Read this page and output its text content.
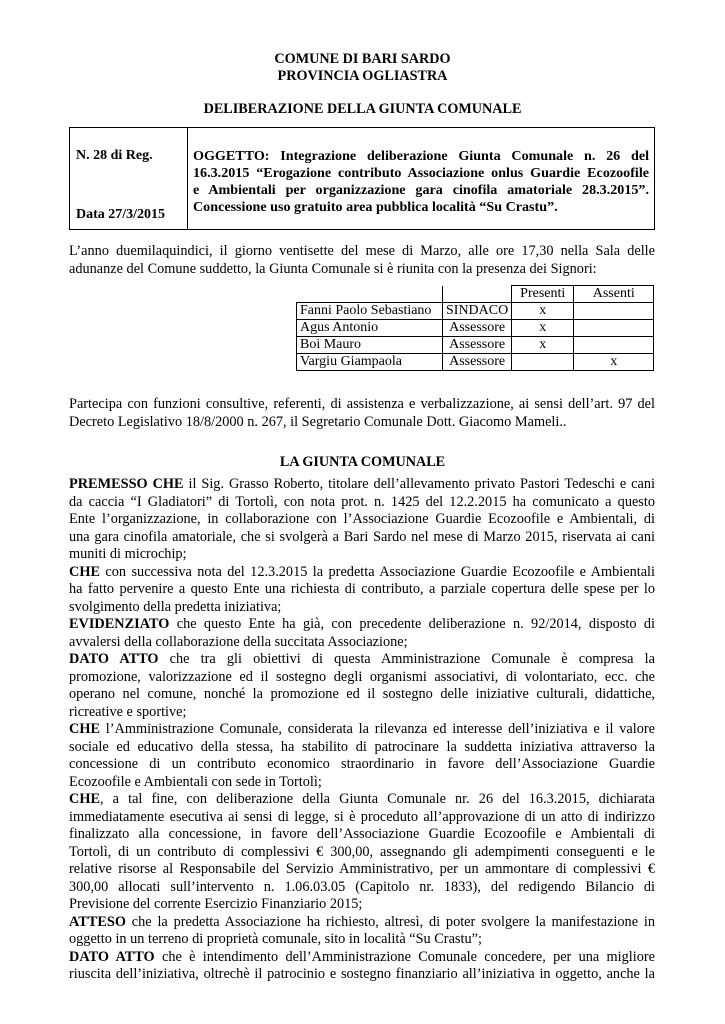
COMUNE DI BARI SARDO
PROVINCIA OGLIASTRA
DELIBERAZIONE DELLA GIUNTA COMUNALE
N. 28 di Reg.
Data 27/3/2015
OGGETTO: Integrazione deliberazione Giunta Comunale n. 26 del
16.3.2015 “Erogazione contributo Associazione onlus Guardie Ecozoofile
e Ambientali per organizzazione gara cinofila amatoriale 28.3.2015”.
Concessione uso gratuito area pubblica località “Su Crastu”.
L’anno duemilaquindici, il giorno ventisette del mese di Marzo, alle ore 17,30 nella Sala delle
adunanze del Comune suddetto, la Giunta Comunale si è riunita con la presenza dei Signori:
		Presenti	Assenti
Fanni Paolo Sebastiano	SINDACO	x	
Agus Antonio	Assessore	x	
Boi Mauro	Assessore	x	
Vargiu Giampaola	Assessore		x
Partecipa con funzioni consultive, referenti, di assistenza e verbalizzazione, ai sensi dell’art. 97 del
Decreto Legislativo 18/8/2000 n. 267, il Segretario Comunale Dott. Giacomo Mameli..
LA GIUNTA COMUNALE
PREMESSO CHE il Sig. Grasso Roberto, titolare dell’allevamento privato Pastori Tedeschi e cani
da caccia “I Gladiatori” di Tortolì, con nota prot. n. 1425 del 12.2.2015 ha comunicato a questo
Ente l’organizzazione, in collaborazione con l’Associazione Guardie Ecozoofile e Ambientali, di
una gara cinofila amatoriale, che si svolgerà a Bari Sardo nel mese di Marzo 2015, riservata ai cani
muniti di microchip;
CHE con successiva nota del 12.3.2015 la predetta Associazione Guardie Ecozoofile e Ambientali
ha fatto pervenire a questo Ente una richiesta di contributo, a parziale copertura delle spese per lo
svolgimento della predetta iniziativa;
EVIDENZIATO che questo Ente ha già, con precedente deliberazione n. 92/2014, disposto di
avvalersi della collaborazione della succitata Associazione;
DATO ATTO che tra gli obiettivi di questa Amministrazione Comunale è compresa la
promozione, valorizzazione ed il sostegno degli organismi associativi, di volontariato, ecc. che
operano nel comune, nonché la promozione ed il sostegno delle iniziative culturali, didattiche,
ricreative e sportive;
CHE l’Amministrazione Comunale, considerata la rilevanza ed interesse dell’iniziativa e il valore
sociale ed educativo della stessa, ha stabilito di patrocinare la suddetta iniziativa attraverso la
concessione di un contributo economico straordinario in favore dell’Associazione Guardie
Ecozoofile e Ambientali con sede in Tortolì;
CHE, a tal fine, con deliberazione della Giunta Comunale nr. 26 del 16.3.2015, dichiarata
immediatamente esecutiva ai sensi di legge, si è proceduto all’approvazione di un atto di indirizzo
finalizzato alla concessione, in favore dell’Associazione Guardie Ecozoofile e Ambientali di
Tortolì, di un contributo di complessivi € 300,00, assegnando gli adempimenti conseguenti e le
relative risorse al Responsabile del Servizio Amministrativo, per un ammontare di complessivi €
300,00 allocati sull’intervento n. 1.06.03.05 (Capitolo nr. 1833), del redigendo Bilancio di
Previsione del corrente Esercizio Finanziario 2015;
ATTESO che la predetta Associazione ha richiesto, altresì, di poter svolgere la manifestazione in
oggetto in un terreno di proprietà comunale, sito in località “Su Crastu”;
DATO ATTO che è intendimento dell’Amministrazione Comunale concedere, per una migliore
riuscita dell’iniziativa, oltrechè il patrocinio e sostegno finanziario all’iniziativa in oggetto, anche la
